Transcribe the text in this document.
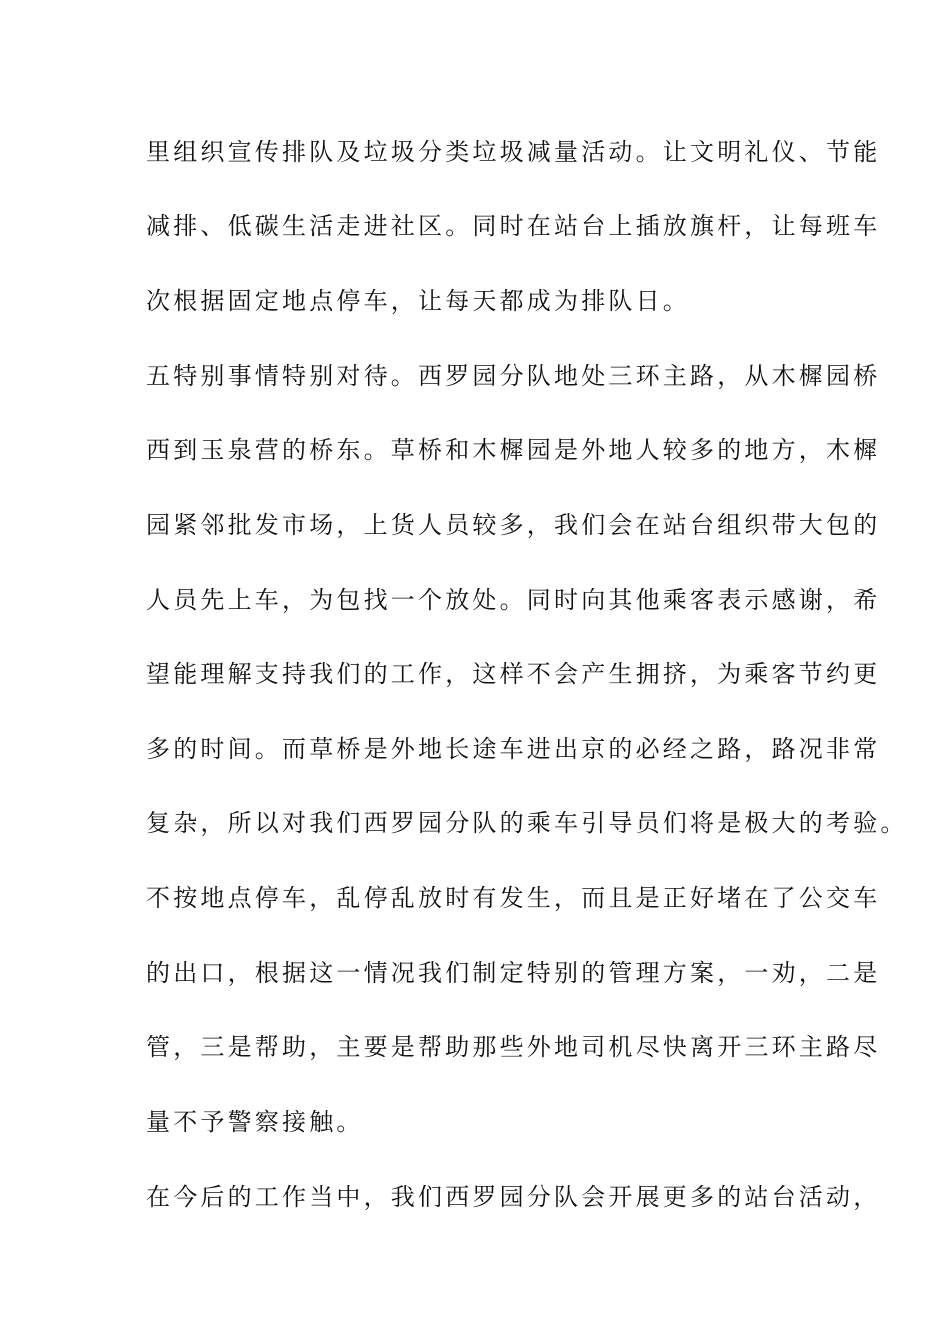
里组织宣传排队及垃圾分类垃圾减量活动。让文明礼仪、节能
减排、低碳生活走进社区。同时在站台上插放旗杆，让每班车
次根据固定地点停车，让每天都成为排队日。
五特别事情特别对待。西罗园分队地处三环主路，从木樨园桥
西到玉泉营的桥东。草桥和木樨园是外地人较多的地方，木樨
园紧邻批发市场，上货人员较多，我们会在站台组织带大包的
人员先上车，为包找一个放处。同时向其他乘客表示感谢，希
望能理解支持我们的工作，这样不会产生拥挤，为乘客节约更
多的时间。而草桥是外地长途车进出京的必经之路，路况非常
复杂，所以对我们西罗园分队的乘车引导员们将是极大的考验。
不按地点停车，乱停乱放时有发生，而且是正好堵在了公交车
的出口，根据这一情况我们制定特别的管理方案，一劝，二是
管，三是帮助，主要是帮助那些外地司机尽快离开三环主路尽
量不予警察接触。
在今后的工作当中，我们西罗园分队会开展更多的站台活动，
